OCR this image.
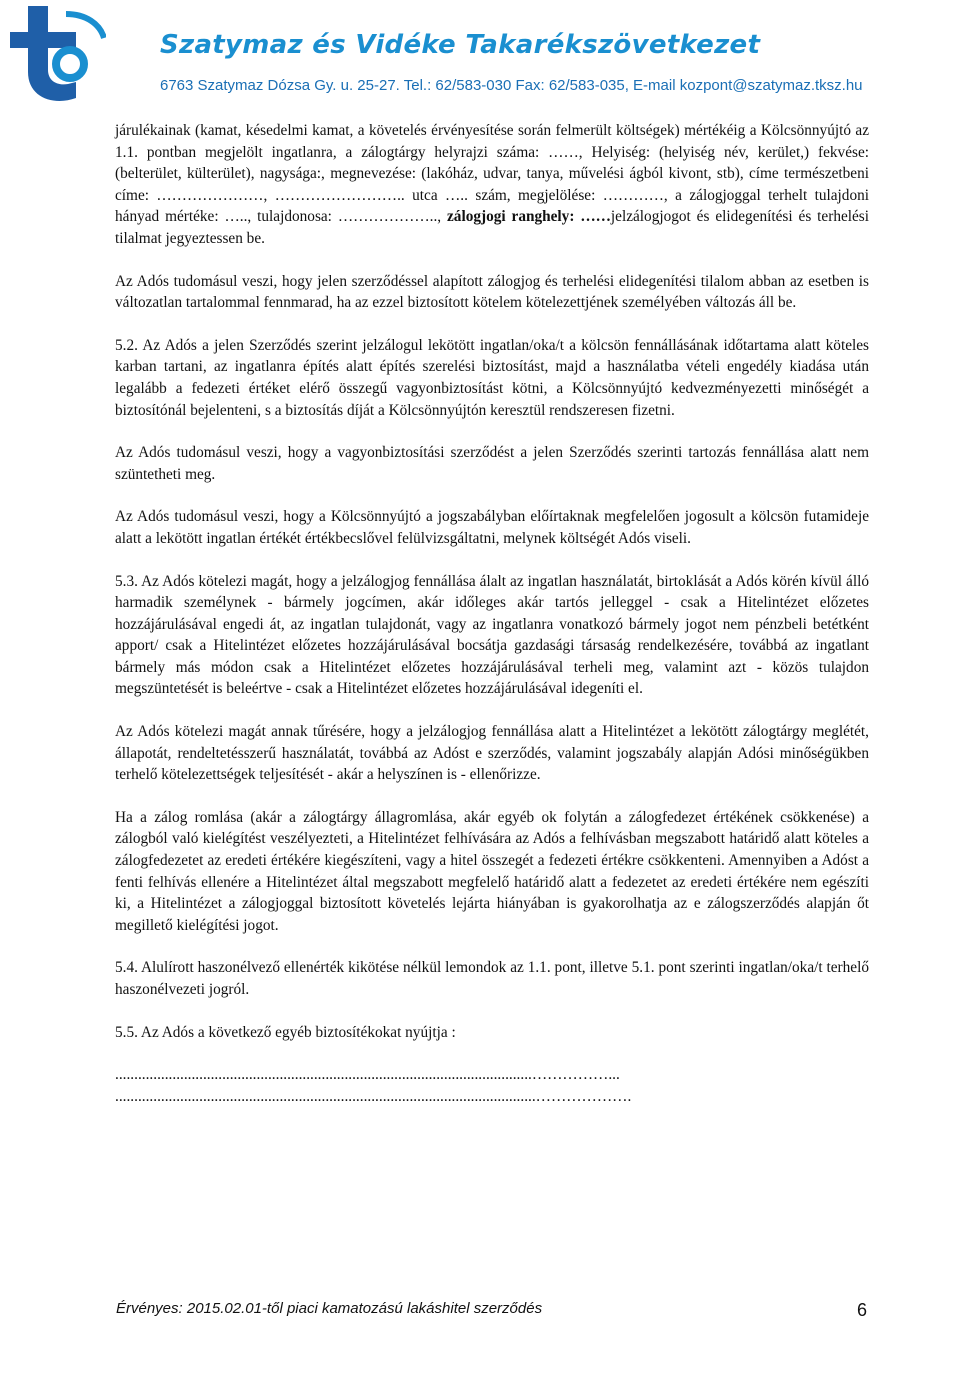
Szatymaz és Vidéke Takarékszövetkezet
6763 Szatymaz Dózsa Gy. u. 25-27. Tel.: 62/583-030 Fax: 62/583-035, E-mail kozpont@szatymaz.tksz.hu

járulékainak (kamat, késedelmi kamat, a követelés érvényesítése során felmerült költségek) mértékéig a Kölcsönnyújtó az 1.1. pontban megjelölt ingatlanra, a zálogtárgy helyrajzi száma: ……, Helyiség: (helyiség név, kerület,) fekvése: (belterület, külterület), nagysága:, megnevezése: (lakóház, udvar, tanya, művelési ágból kivont, stb), címe természetbeni címe: …………………, …………………….. utca ….. szám, megjelölése: …………, a zálogjoggal terhelt tulajdoni hányad mértéke: ….., tulajdonosa: ……………….., zálogjogi ranghely: ……jelzálogjogot és elidegenítési és terhelési tilalmat jegyeztessen be.

Az Adós tudomásul veszi, hogy jelen szerződéssel alapított zálogjog és terhelési elidegenítési tilalom abban az esetben is változatlan tartalommal fennmarad, ha az ezzel biztosított kötelem kötelezettjének személyében változás áll be.

5.2. Az Adós a jelen Szerződés szerint jelzálogul lekötött ingatlan/oka/t a kölcsön fennállásának időtartama alatt köteles karban tartani, az ingatlanra építés alatt építés szerelési biztosítást, majd a használatba vételi engedély kiadása után legalább a fedezeti értéket elérő összegű vagyonbiztosítást kötni, a Kölcsönnyújtó kedvezményezetti minőségét a biztosítónál bejelenteni, s a biztosítás díját a Kölcsönnyújtón keresztül rendszeresen fizetni.

Az Adós tudomásul veszi, hogy a vagyonbiztosítási szerződést a jelen Szerződés szerinti tartozás fennállása alatt nem szüntetheti meg.

Az Adós tudomásul veszi, hogy a Kölcsönnyújtó a jogszabályban előírtaknak megfelelően jogosult a kölcsön futamideje alatt a lekötött ingatlan értékét értékbecslővel felülvizsgáltatni, melynek költségét Adós viseli.

5.3. Az Adós kötelezi magát, hogy a jelzálogjog fennállása álalt az ingatlan használatát, birtoklását a Adós körén kívül álló harmadik személynek - bármely jogcímen, akár időleges akár tartós jelleggel - csak a Hitelintézet előzetes hozzájárulásával engedi át, az ingatlan tulajdonát, vagy az ingatlanra vonatkozó bármely jogot nem pénzbeli betétként apport/ csak a Hitelintézet előzetes hozzájárulásával bocsátja gazdasági társaság rendelkezésére, továbbá az ingatlant bármely más módon csak a Hitelintézet előzetes hozzájárulásával terheli meg, valamint azt - közös tulajdon megszüntetését is beleértve - csak a Hitelintézet előzetes hozzájárulásával idegeníti el.

Az Adós kötelezi magát annak tűrésére, hogy a jelzálogjog fennállása alatt a Hitelintézet a lekötött zálogtárgy meglétét, állapotát, rendeltetésszerű használatát, továbbá az Adóst e szerződés, valamint jogszabály alapján Adósi minőségükben terhelő kötelezettségek teljesítését - akár a helyszínen is - ellenőrizze.

Ha a zálog romlása (akár a zálogtárgy állagromlása, akár egyéb ok folytán a zálogfedezet értékének csökkenése) a zálogból való kielégítést veszélyezteti, a Hitelintézet felhívására az Adós a felhívásban megszabott határidő alatt köteles a zálogfedezetet az eredeti értékére kiegészíteni, vagy a hitel összegét a fedezeti értékre csökkenteni. Amennyiben a Adóst a fenti felhívás ellenére a Hitelintézet által megszabott megfelelő határidő alatt a fedezetet az eredeti értékére nem egészíti ki, a Hitelintézet a zálogjoggal biztosított követelés lejárta hiányában is gyakorolhatja az e zálogszerződés alapján őt megillető kielégítési jogot.

5.4. Alulírott haszonélvező ellenérték kikötése nélkül lemondok az 1.1. pont, illetve 5.1. pont szerinti ingatlan/oka/t terhelő haszonélvezeti jogról.

5.5. Az Adós a következő egyéb biztosítékokat nyújtja :

.............................................................................................................……………...
..............................................................................................................……………….
Érvényes: 2015.02.01-től piaci kamatozású lakáshitel szerződés	6
